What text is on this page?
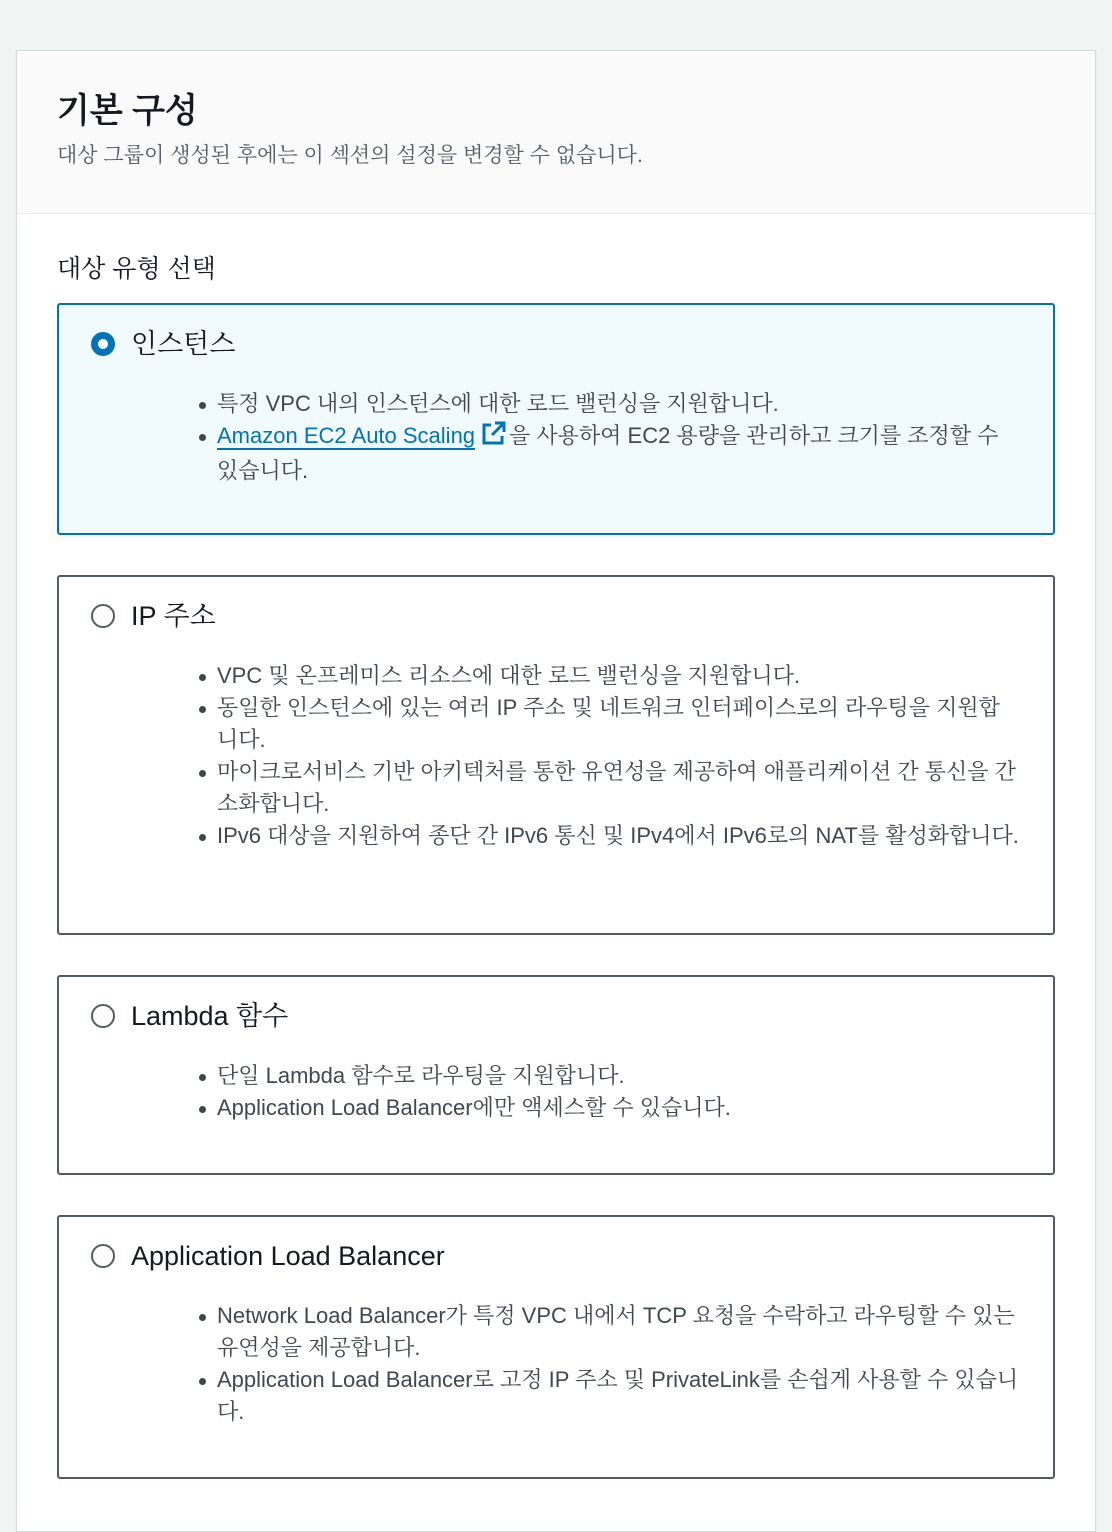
기본 구성

대상 그룹이 생성된 후에는 이 섹션의 설정을 변경할 수 없습니다.

대상 유형 선택
인스턴스
특정 VPC 내의 인스턴스에 대한 로드 밸런싱을 지원합니다.
Amazon EC2 Auto Scaling 을 사용하여 EC2 용량을 관리하고 크기를 조정할 수 있습니다.
IP 주소
VPC 및 온프레미스 리소스에 대한 로드 밸런싱을 지원합니다.
동일한 인스턴스에 있는 여러 IP 주소 및 네트워크 인터페이스로의 라우팅을 지원합니다.
마이크로서비스 기반 아키텍처를 통한 유연성을 제공하여 애플리케이션 간 통신을 간소화합니다.
IPv6 대상을 지원하여 종단 간 IPv6 통신 및 IPv4에서 IPv6로의 NAT를 활성화합니다.
Lambda 함수
단일 Lambda 함수로 라우팅을 지원합니다.
Application Load Balancer에만 액세스할 수 있습니다.
Application Load Balancer
Network Load Balancer가 특정 VPC 내에서 TCP 요청을 수락하고 라우팅할 수 있는 유연성을 제공합니다.
Application Load Balancer로 고정 IP 주소 및 PrivateLink를 손쉽게 사용할 수 있습니다.
